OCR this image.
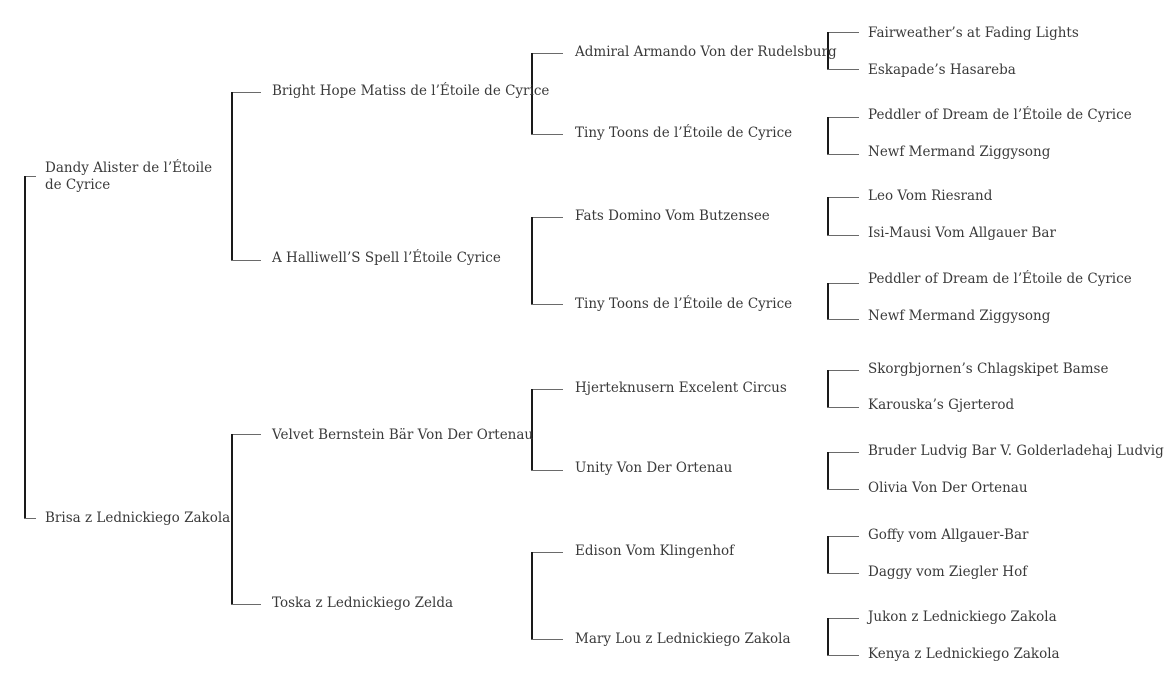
Dandy Alister de l’Étoile de Cyrice
Brisa z Lednickiego Zakola
Bright Hope Matiss de l’Étoile de Cyrice
A Halliwell’S Spell l’Étoile Cyrice
Velvet Bernstein Bär Von Der Ortenau
Toska z Lednickiego Zelda
Admiral Armando Von der Rudelsburg
Tiny Toons de l’Étoile de Cyrice
Fats Domino Vom Butzensee
Tiny Toons de l’Étoile de Cyrice
Hjerteknusern Excelent Circus
Unity Von Der Ortenau
Edison Vom Klingenhof
Mary Lou z Lednickiego Zakola
Fairweather’s at Fading Lights
Eskapade’s Hasareba
Peddler of Dream de l’Étoile de Cyrice
Newf Mermand Ziggysong
Leo Vom Riesrand
Isi-Mausi Vom Allgauer Bar
Peddler of Dream de l’Étoile de Cyrice
Newf Mermand Ziggysong
Skorgbjornen’s Chlagskipet Bamse
Karouska’s Gjerterod
Bruder Ludvig Bar V. Golderladehaj Ludvig
Olivia Von Der Ortenau
Goffy vom Allgauer-Bar
Daggy vom Ziegler Hof
Jukon z Lednickiego Zakola
Kenya z Lednickiego Zakola
